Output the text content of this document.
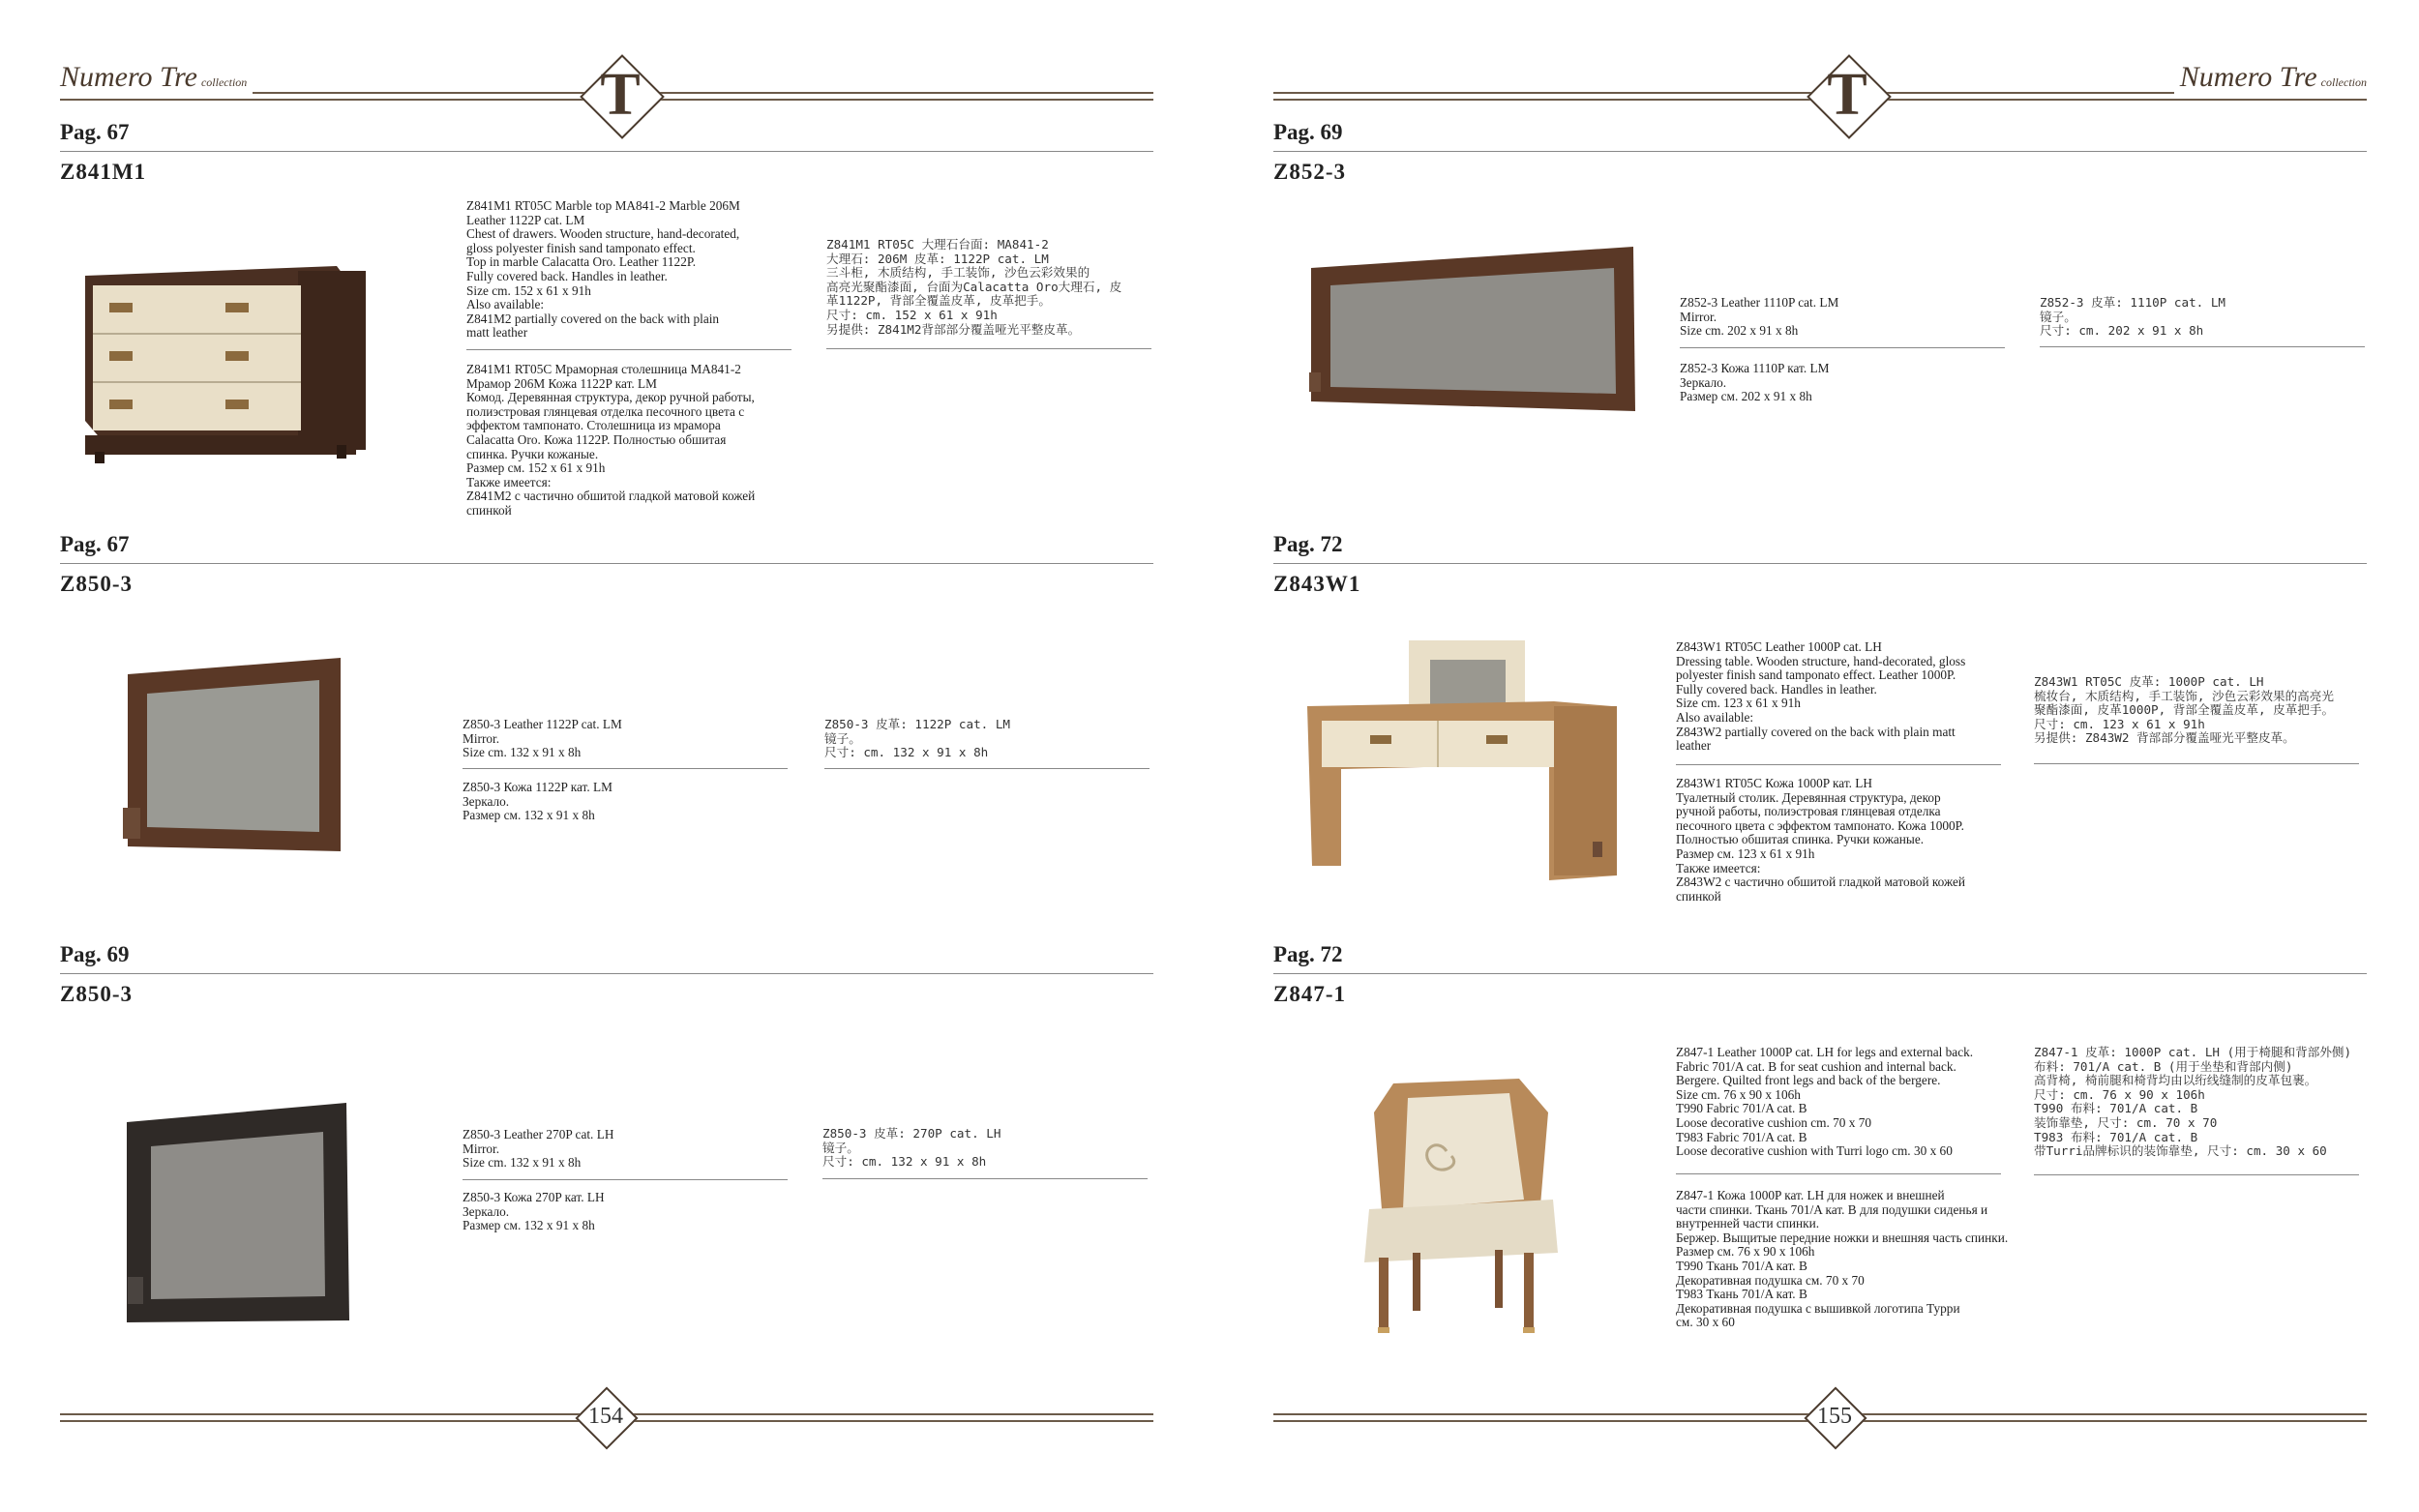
Numero Tre collection	T
Pag. 67
Z841M1
Z841M1 RT05C Marble top MA841-2 Marble 206M
Leather 1122P cat. LM
Chest of drawers. Wooden structure, hand-decorated,
gloss polyester finish sand tamponato effect.
Top in marble Calacatta Oro. Leather 1122P.
Fully covered back. Handles in leather.
Size cm. 152 x 61 x 91h
Also available:
Z841M2 partially covered on the back with plain
matt leather
Z841M1 RT05C Мраморная столешница MA841-2
Мрамор 206M Кожа 1122P кат. LM
Комод. Деревянная структура, декор ручной работы,
полиэстровая глянцевая отделка песочного цвета с
эффектом тампонато. Столешница из мрамора
Calacatta Oro. Кожа 1122P. Полностью обшитая
спинка. Ручки кожаные.
Размер см. 152 x 61 x 91h
Также имеется:
Z841M2 с частично обшитой гладкой матовой кожей
спинкой
Z841M1 RT05C 大理石台面: MA841-2
大理石: 206M 皮革: 1122P cat. LM
三斗柜, 木质结构, 手工装饰, 沙色云彩效果的
高亮光聚酯漆面, 台面为Calacatta Oro大理石, 皮
革1122P, 背部全覆盖皮革, 皮革把手。
尺寸: cm. 152 x 61 x 91h
另提供: Z841M2背部部分覆盖哑光平整皮革。
Pag. 67
Z850-3
Z850-3 Leather 1122P cat. LM
Mirror.
Size cm. 132 x 91 x 8h
Z850-3 Кожа 1122P кат. LM
Зеркало.
Размер см. 132 x 91 x 8h
Z850-3 皮革: 1122P cat. LM
镜子。
尺寸: cm. 132 x 91 x 8h
Pag. 69
Z850-3
Z850-3 Leather 270P cat. LH
Mirror.
Size cm. 132 x 91 x 8h
Z850-3 Кожа 270P кат. LH
Зеркало.
Размер см. 132 x 91 x 8h
Z850-3 皮革: 270P cat. LH
镜子。
尺寸: cm. 132 x 91 x 8h
154
T	Numero Tre collection
Pag. 69
Z852-3
Z852-3 Leather 1110P cat. LM
Mirror.
Size cm. 202 x 91 x 8h
Z852-3 Кожа 1110P кат. LM
Зеркало.
Размер см. 202 x 91 x 8h
Z852-3 皮革: 1110P cat. LM
镜子。
尺寸: cm. 202 x 91 x 8h
Pag. 72
Z843W1
Z843W1 RT05C Leather 1000P cat. LH
Dressing table. Wooden structure, hand-decorated, gloss
polyester finish sand tamponato effect. Leather 1000P.
Fully covered back. Handles in leather.
Size cm. 123 x 61 x 91h
Also available:
Z843W2 partially covered on the back with plain matt
leather
Z843W1 RT05C Кожа 1000P кат. LH
Туалетный столик. Деревянная структура, декор
ручной работы, полиэстровая глянцевая отделка
песочного цвета с эффектом тампонато. Кожа 1000P.
Полностью обшитая спинка. Ручки кожаные.
Размер см. 123 x 61 x 91h
Также имеется:
Z843W2 с частично обшитой гладкой матовой кожей
спинкой
Z843W1 RT05C 皮革: 1000P cat. LH
梳妆台, 木质结构, 手工装饰, 沙色云彩效果的高亮光
聚酯漆面, 皮革1000P, 背部全覆盖皮革, 皮革把手。
尺寸: cm. 123 x 61 x 91h
另提供: Z843W2 背部部分覆盖哑光平整皮革。
Pag. 72
Z847-1
Z847-1 Leather 1000P cat. LH for legs and external back.
Fabric 701/A cat. B for seat cushion and internal back.
Bergere. Quilted front legs and back of the bergere.
Size cm. 76 x 90 x 106h
T990 Fabric 701/A cat. B
Loose decorative cushion cm. 70 x 70
T983 Fabric 701/A cat. B
Loose decorative cushion with Turri logo cm. 30 x 60
Z847-1 Кожа 1000P кат. LH для ножек и внешней
части спинки. Ткань 701/A кат. B для подушки сиденья и
внутренней части спинки.
Бержер. Выщитые передние ножки и внешняя часть спинки.
Размер см. 76 x 90 x 106h
T990 Ткань 701/A кат. B
Декоративная подушка см. 70 x 70
T983 Ткань 701/A кат. B
Декоративная подушка с вышивкой логотипа Турри
см. 30 x 60
Z847-1 皮革: 1000P cat. LH (用于椅腿和背部外侧)
布料: 701/A cat. B (用于坐垫和背部内侧)
高背椅, 椅前腿和椅背均由以绗线缝制的皮革包裹。
尺寸: cm. 76 x 90 x 106h
T990 布料: 701/A cat. B
装饰靠垫, 尺寸: cm. 70 x 70
T983 布料: 701/A cat. B
带Turri品牌标识的装饰靠垫, 尺寸: cm. 30 x 60
155
